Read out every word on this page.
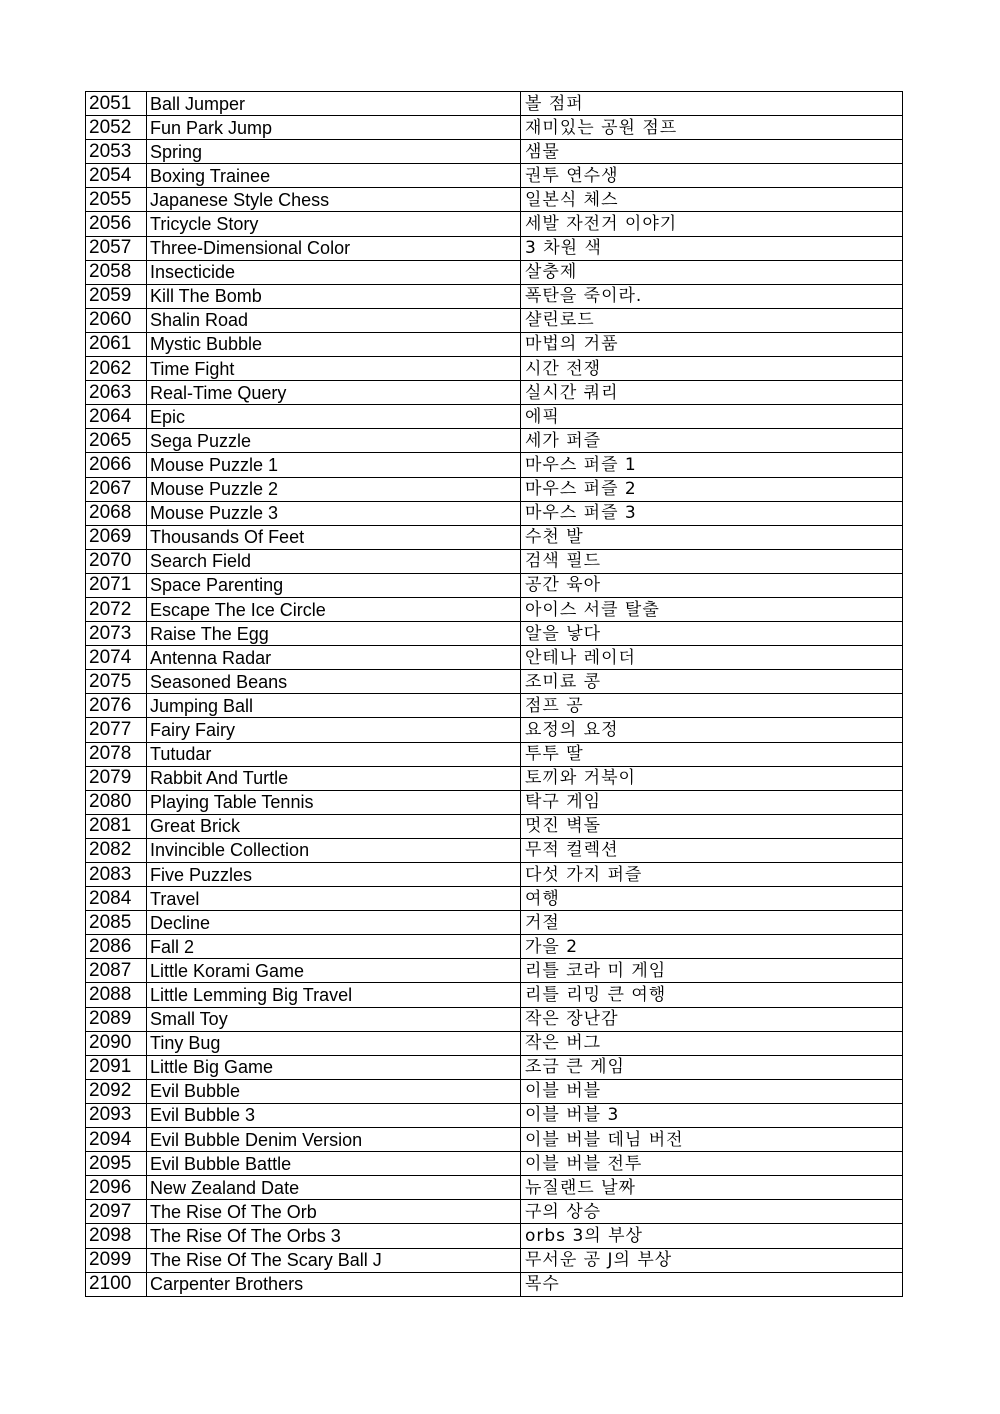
2051	Ball Jumper	볼 점퍼
2052	Fun Park Jump	재미있는 공원 점프
2053	Spring	샘물
2054	Boxing Trainee	권투 연수생
2055	Japanese Style Chess	일본식 체스
2056	Tricycle Story	세발 자전거 이야기
2057	Three-Dimensional Color	3 차원 색
2058	Insecticide	살충제
2059	Kill The Bomb	폭탄을 죽이라.
2060	Shalin Road	샬린로드
2061	Mystic Bubble	마법의 거품
2062	Time Fight	시간 전쟁
2063	Real-Time Query	실시간 쿼리
2064	Epic	에픽
2065	Sega Puzzle	세가 퍼즐
2066	Mouse Puzzle 1	마우스 퍼즐 1
2067	Mouse Puzzle 2	마우스 퍼즐 2
2068	Mouse Puzzle 3	마우스 퍼즐 3
2069	Thousands Of Feet	수천 발
2070	Search Field	검색 필드
2071	Space Parenting	공간 육아
2072	Escape The Ice Circle	아이스 서클 탈출
2073	Raise The Egg	알을 낳다
2074	Antenna Radar	안테나 레이더
2075	Seasoned Beans	조미료 콩
2076	Jumping Ball	점프 공
2077	Fairy Fairy	요정의 요정
2078	Tutudar	투투 딸
2079	Rabbit And Turtle	토끼와 거북이
2080	Playing Table Tennis	탁구 게임
2081	Great Brick	멋진 벽돌
2082	Invincible Collection	무적 컬렉션
2083	Five Puzzles	다섯 가지 퍼즐
2084	Travel	여행
2085	Decline	거절
2086	Fall 2	가을 2
2087	Little Korami Game	리틀 코라 미 게임
2088	Little Lemming Big Travel	리틀 리밍 큰 여행
2089	Small Toy	작은 장난감
2090	Tiny Bug	작은 버그
2091	Little Big Game	조금 큰 게임
2092	Evil Bubble	이블 버블
2093	Evil Bubble 3	이블 버블 3
2094	Evil Bubble Denim Version	이블 버블 데님 버전
2095	Evil Bubble Battle	이블 버블 전투
2096	New Zealand Date	뉴질랜드 날짜
2097	The Rise Of The Orb	구의 상승
2098	The Rise Of The Orbs 3	orbs 3의 부상
2099	The Rise Of The Scary Ball J	무서운 공 J의 부상
2100	Carpenter Brothers	목수
